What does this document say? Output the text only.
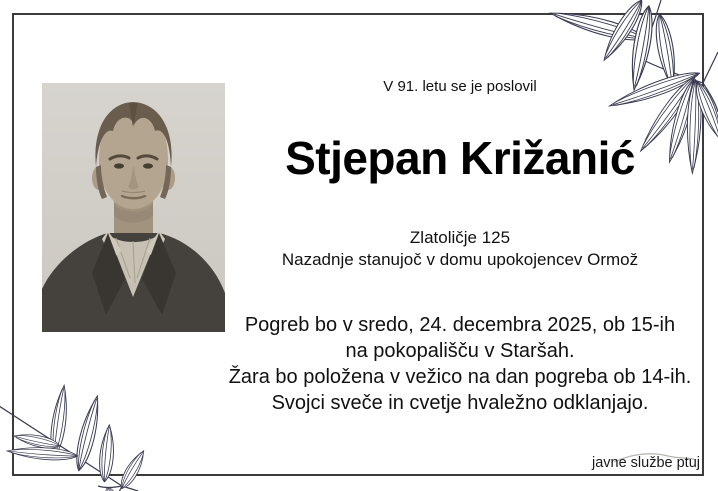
V 91. letu se je poslovil
Stjepan Križanić
Zlatoličje 125
Nazadnje stanujoč v domu upokojencev Ormož
Pogreb bo v sredo, 24. decembra 2025, ob 15-ih
na pokopališču v Staršah.
Žara bo položena v vežico na dan pogreba ob 14-ih.
Svojci sveče in cvetje hvaležno odklanjajo.
javne službe ptuj
